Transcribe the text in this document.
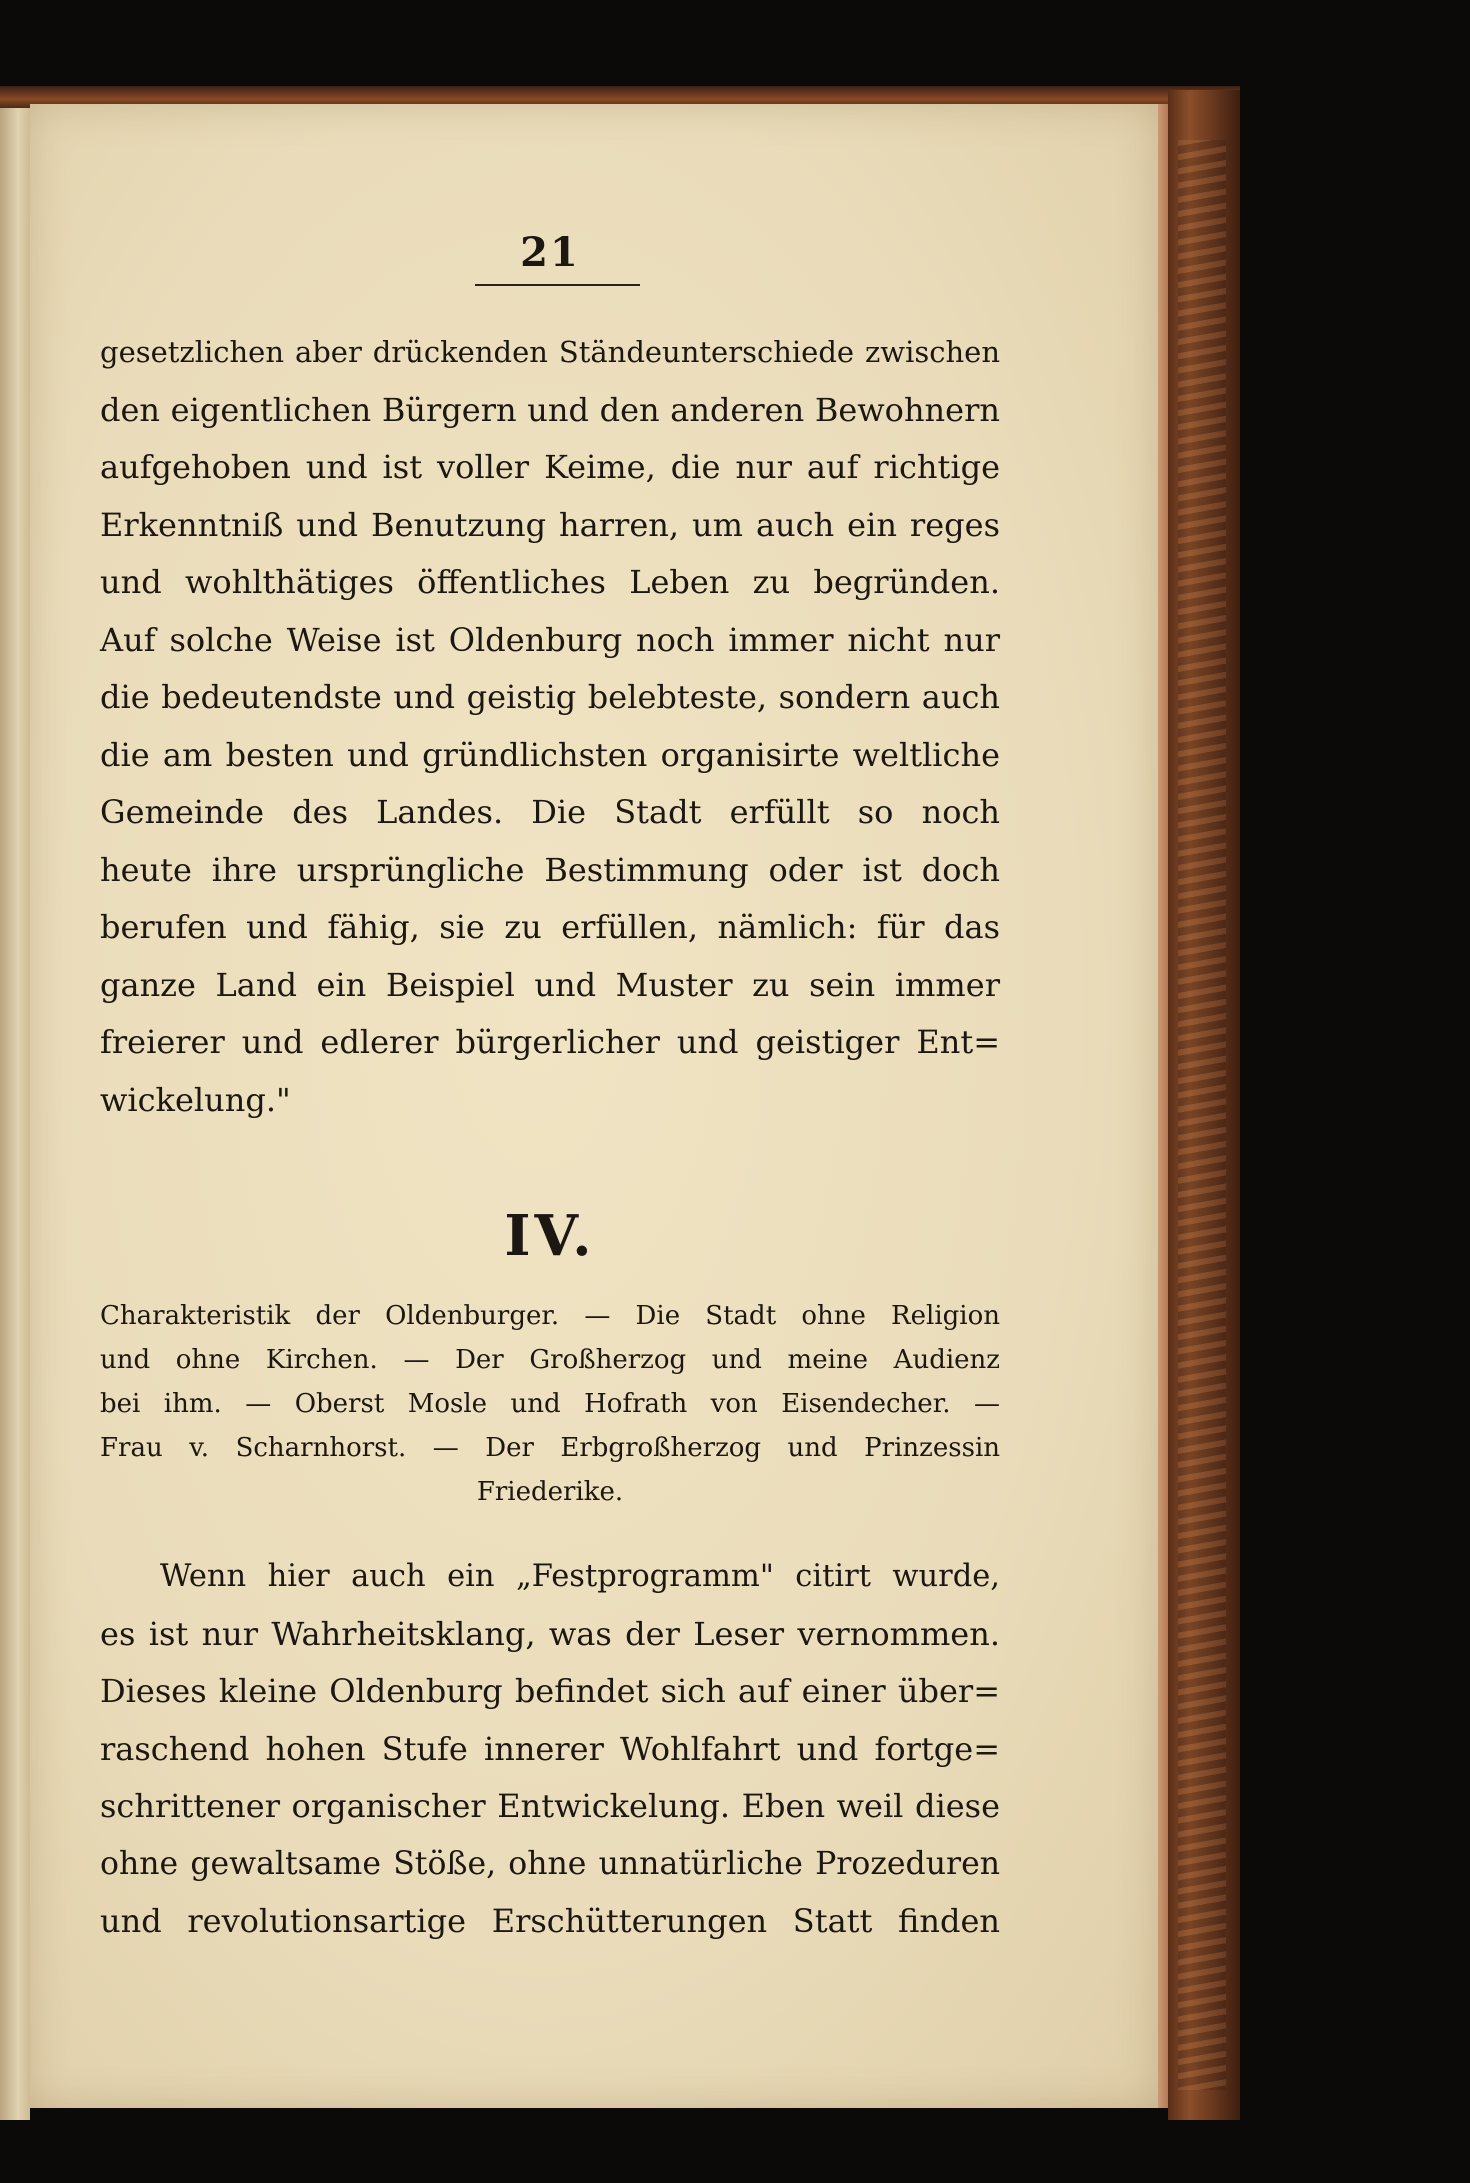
21

gesetzlichen aber drückenden Ständeunterschiede zwischen
den eigentlichen Bürgern und den anderen Bewohnern
aufgehoben und ist voller Keime, die nur auf richtige
Erkenntniß und Benutzung harren, um auch ein reges
und wohlthätiges öffentliches Leben zu begründen.
Auf solche Weise ist Oldenburg noch immer nicht nur
die bedeutendste und geistig belebteste, sondern auch
die am besten und gründlichsten organisirte weltliche
Gemeinde des Landes. Die Stadt erfüllt so noch
heute ihre ursprüngliche Bestimmung oder ist doch
berufen und fähig, sie zu erfüllen, nämlich: für das
ganze Land ein Beispiel und Muster zu sein immer
freierer und edlerer bürgerlicher und geistiger Ent=
wickelung."

IV.

Charakteristik der Oldenburger. — Die Stadt ohne Religion
und ohne Kirchen. — Der Großherzog und meine Audienz
bei ihm. — Oberst Mosle und Hofrath von Eisendecher. —
Frau v. Scharnhorst. — Der Erbgroßherzog und Prinzessin
Friederike.

Wenn hier auch ein „Festprogramm" citirt wurde,
es ist nur Wahrheitsklang, was der Leser vernommen.
Dieses kleine Oldenburg befindet sich auf einer über=
raschend hohen Stufe innerer Wohlfahrt und fortge=
schrittener organischer Entwickelung. Eben weil diese
ohne gewaltsame Stöße, ohne unnatürliche Prozeduren
und revolutionsartige Erschütterungen Statt finden
